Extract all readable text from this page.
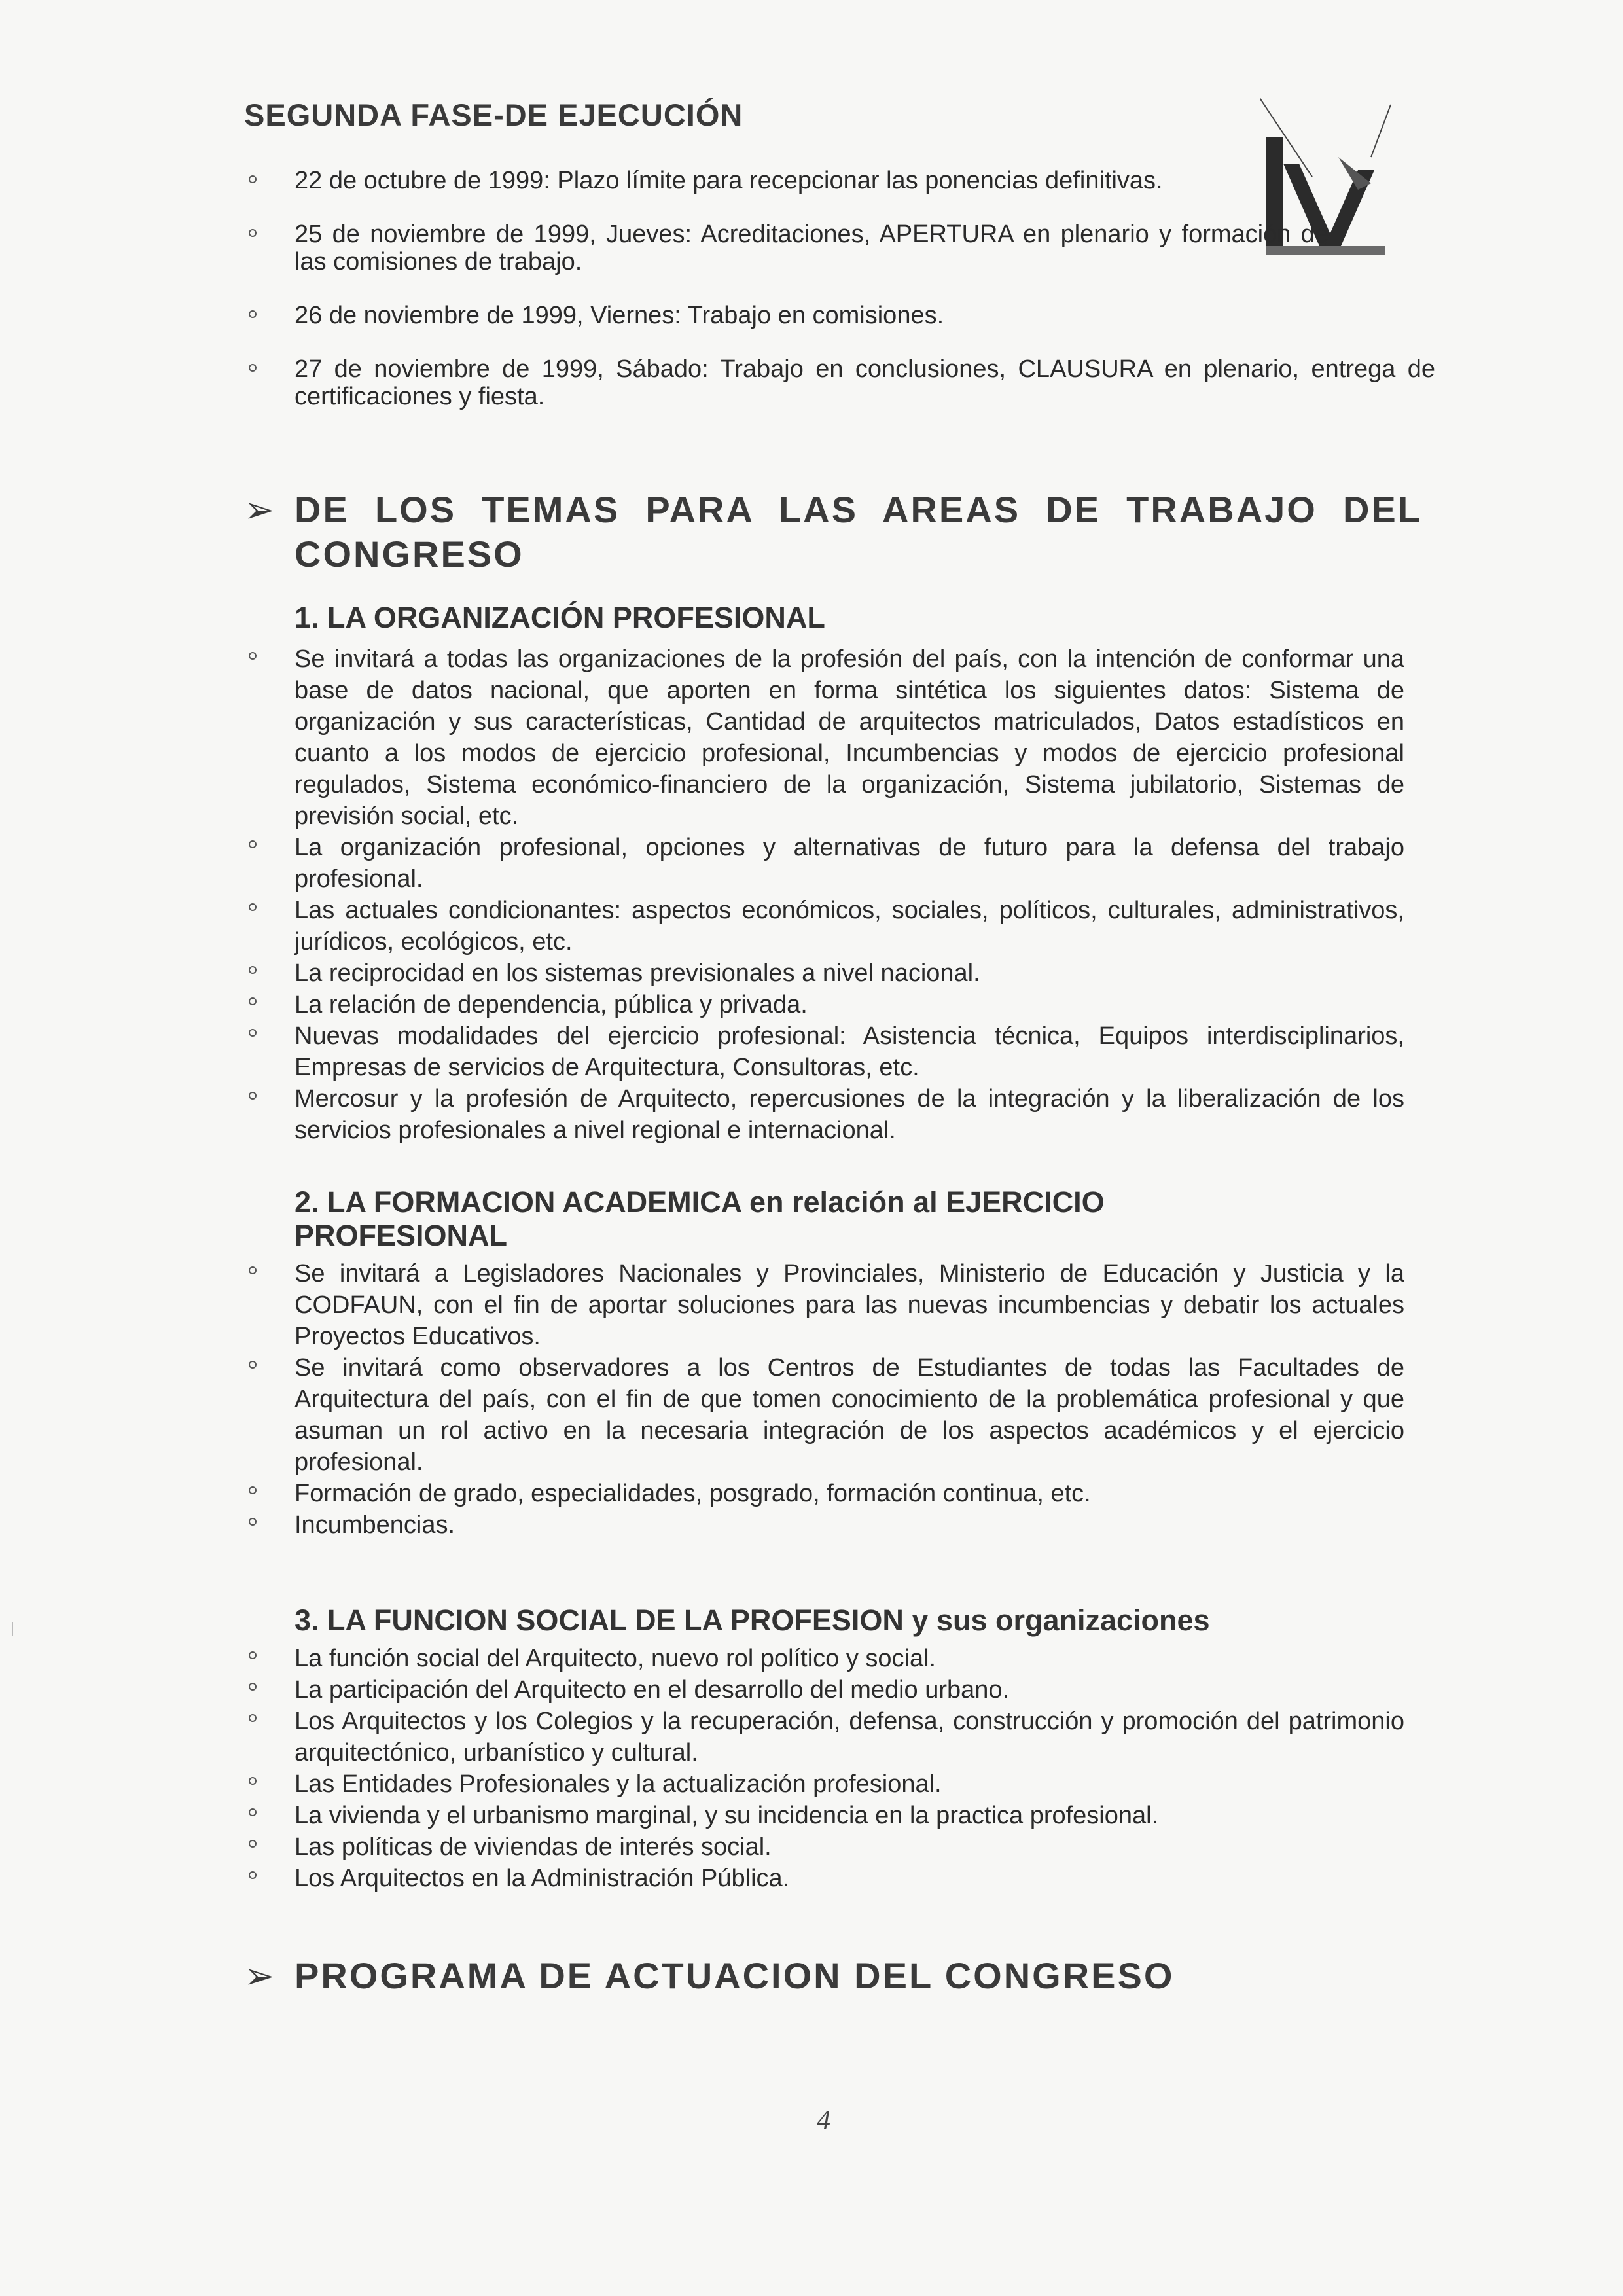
SEGUNDA FASE-DE EJECUCIÓN
22 de octubre de 1999: Plazo límite para recepcionar las ponencias definitivas.
25 de noviembre de 1999, Jueves: Acreditaciones, APERTURA en plenario y formación de las comisiones de trabajo.
26 de noviembre de 1999, Viernes: Trabajo en comisiones.
27 de noviembre de 1999, Sábado: Trabajo en conclusiones, CLAUSURA en plenario, entrega de certificaciones y fiesta.
➢ DE LOS TEMAS PARA LAS AREAS DE TRABAJO DEL CONGRESO
1. LA ORGANIZACIÓN PROFESIONAL
Se invitará a todas las organizaciones de la profesión del país, con la intención de conformar una base de datos nacional, que aporten en forma sintética los siguientes datos: Sistema de organización y sus características, Cantidad de arquitectos matriculados, Datos estadísticos en cuanto a los modos de ejercicio profesional, Incumbencias y modos de ejercicio profesional regulados, Sistema económico-financiero de la organización, Sistema jubilatorio, Sistemas de previsión social, etc.
La organización profesional, opciones y alternativas de futuro para la defensa del trabajo profesional.
Las actuales condicionantes: aspectos económicos, sociales, políticos, culturales, administrativos, jurídicos, ecológicos, etc.
La reciprocidad en los sistemas previsionales a nivel nacional.
La relación de dependencia, pública y privada.
Nuevas modalidades del ejercicio profesional: Asistencia técnica, Equipos interdisciplinarios, Empresas de servicios de Arquitectura, Consultoras, etc.
Mercosur y la profesión de Arquitecto, repercusiones de la integración y la liberalización de los servicios profesionales a nivel regional e internacional.
2. LA FORMACION ACADEMICA en relación al EJERCICIO PROFESIONAL
Se invitará a Legisladores Nacionales y Provinciales, Ministerio de Educación y Justicia y la CODFAUN, con el fin de aportar soluciones para las nuevas incumbencias y debatir los actuales Proyectos Educativos.
Se invitará como observadores a los Centros de Estudiantes de todas las Facultades de Arquitectura del país, con el fin de que tomen conocimiento de la problemática profesional y que asuman un rol activo en la necesaria integración de los aspectos académicos y el ejercicio profesional.
Formación de grado, especialidades, posgrado, formación continua, etc.
Incumbencias.
3. LA FUNCION SOCIAL DE LA PROFESION y sus organizaciones
La función social del Arquitecto, nuevo rol político y social.
La participación del Arquitecto en el desarrollo del medio urbano.
Los Arquitectos y los Colegios y la recuperación, defensa, construcción y promoción del patrimonio arquitectónico, urbanístico y cultural.
Las Entidades Profesionales y la actualización profesional.
La vivienda y el urbanismo marginal, y su incidencia en la practica profesional.
Las políticas de viviendas de interés social.
Los Arquitectos en la Administración Pública.
➢ PROGRAMA DE ACTUACION DEL CONGRESO
4
